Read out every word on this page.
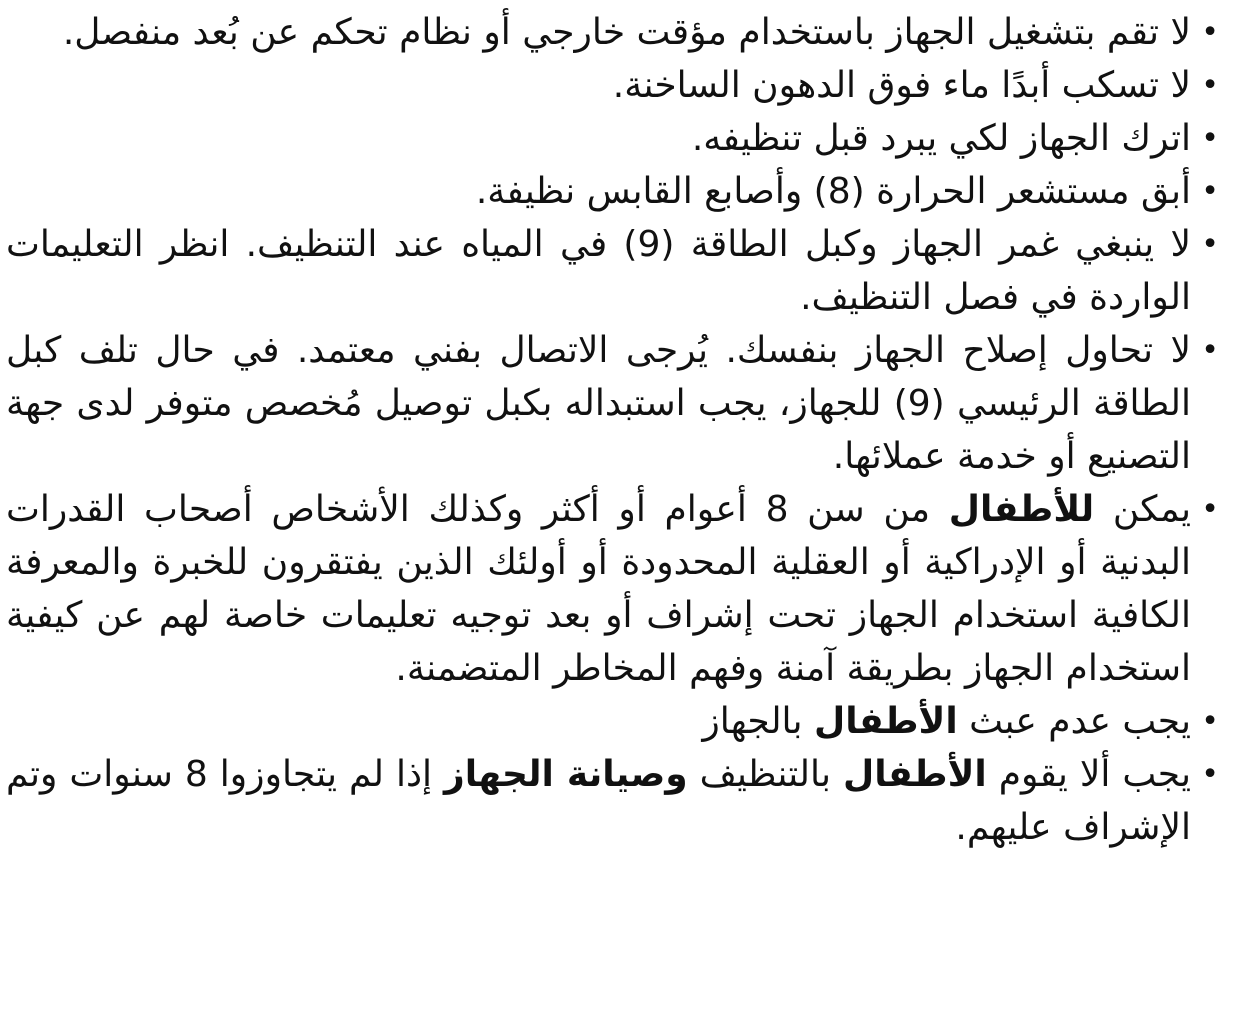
•
لا تقم بتشغيل الجهاز باستخدام مؤقت خارجي أو نظام تحكم عن بُعد منفصل.
•
لا تسكب أبدًا ماء فوق الدهون الساخنة.
•
اترك الجهاز لكي يبرد قبل تنظيفه.
•
أبق مستشعر الحرارة (8) وأصابع القابس نظيفة.
•
لا ينبغي غمر الجهاز وكبل الطاقة (9) في المياه عند التنظيف. انظر التعليمات الواردة في فصل التنظيف.
•
لا تحاول إصلاح الجهاز بنفسك. يُرجى الاتصال بفني معتمد. في حال تلف كبل الطاقة الرئيسي (9) للجهاز، يجب استبداله بكبل توصيل مُخصص متوفر لدى جهة التصنيع أو خدمة عملائها.
•
يمكن للأطفال من سن 8 أعوام أو أكثر وكذلك الأشخاص أصحاب القدرات البدنية أو الإدراكية أو العقلية المحدودة أو أولئك الذين يفتقرون للخبرة والمعرفة الكافية استخدام الجهاز تحت إشراف أو بعد توجيه تعليمات خاصة لهم عن كيفية استخدام الجهاز بطريقة آمنة وفهم المخاطر المتضمنة.
•
يجب عدم عبث الأطفال بالجهاز
•
يجب ألا يقوم الأطفال بالتنظيف وصيانة الجهاز إذا لم يتجاوزوا 8 سنوات وتم الإشراف عليهم.
